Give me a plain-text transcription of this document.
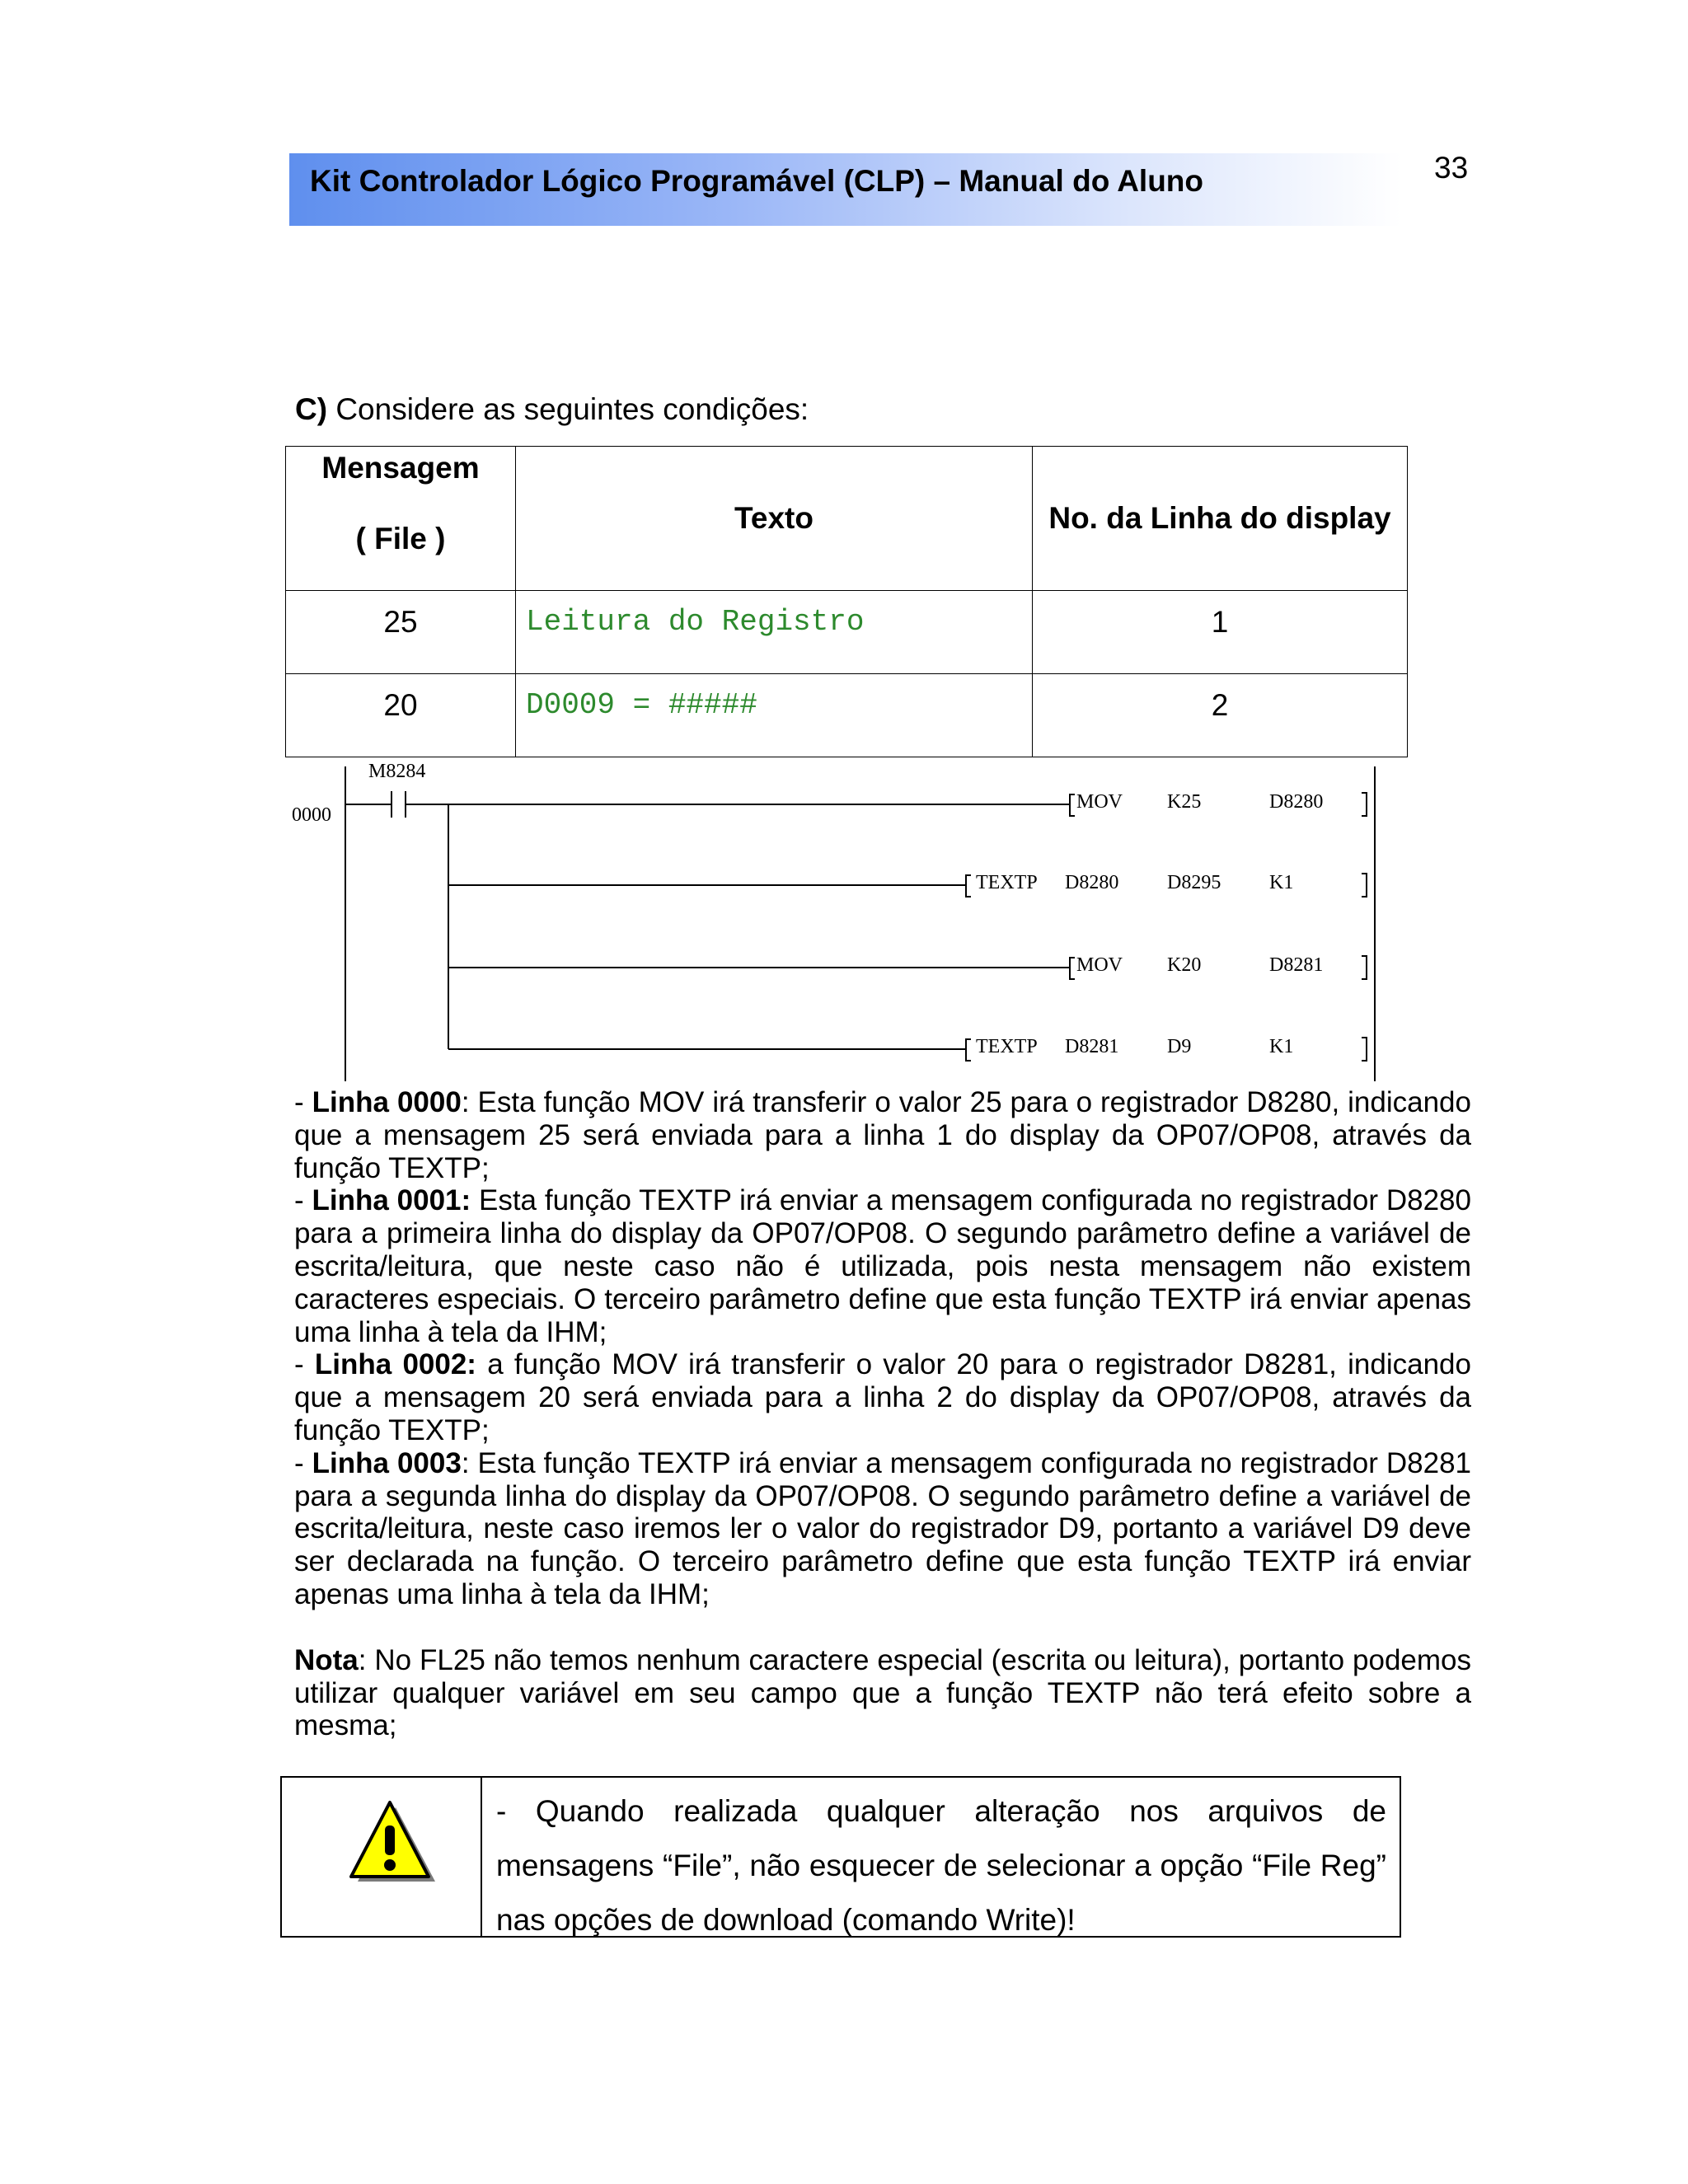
Kit Controlador Lógico Programável (CLP) – Manual do Aluno	33
C) Considere as seguintes condições:
Mensagem
( File )	Texto	No. da Linha do display
25	Leitura do Registro	1
20	D0009 = #####	2
0000
M8284
MOV K25	D8280
TEXTP D8280 D8295 K1
MOV K20	D8281
TEXTP D8281 D9	K1

- Linha 0000: Esta função MOV irá transferir o valor 25 para o registrador D8280, indicando que a mensagem 25 será enviada para a linha 1 do display da OP07/OP08, através da função TEXTP;

- Linha 0001: Esta função TEXTP irá enviar a mensagem configurada no registrador D8280 para a primeira linha do display da OP07/OP08. O segundo parâmetro define a variável de escrita/leitura, que neste caso não é utilizada, pois nesta mensagem não existem caracteres especiais. O terceiro parâmetro define que esta função TEXTP irá enviar apenas uma linha à tela da IHM;

- Linha 0002: a função MOV irá transferir o valor 20 para o registrador D8281, indicando que a mensagem 20 será enviada para a linha 2 do display da OP07/OP08, através da função TEXTP;

- Linha 0003: Esta função TEXTP irá enviar a mensagem configurada no registrador D8281 para a segunda linha do display da OP07/OP08. O segundo parâmetro define a variável de escrita/leitura, neste caso iremos ler o valor do registrador D9, portanto a variável D9 deve ser declarada na função. O terceiro parâmetro define que esta função TEXTP irá enviar apenas uma linha à tela da IHM;

Nota: No FL25 não temos nenhum caractere especial (escrita ou leitura), portanto podemos utilizar qualquer variável em seu campo que a função TEXTP não terá efeito sobre a mesma;

- Quando realizada qualquer alteração nos arquivos de mensagens “File”, não esquecer de selecionar a opção “File Reg” nas opções de download (comando Write)!
